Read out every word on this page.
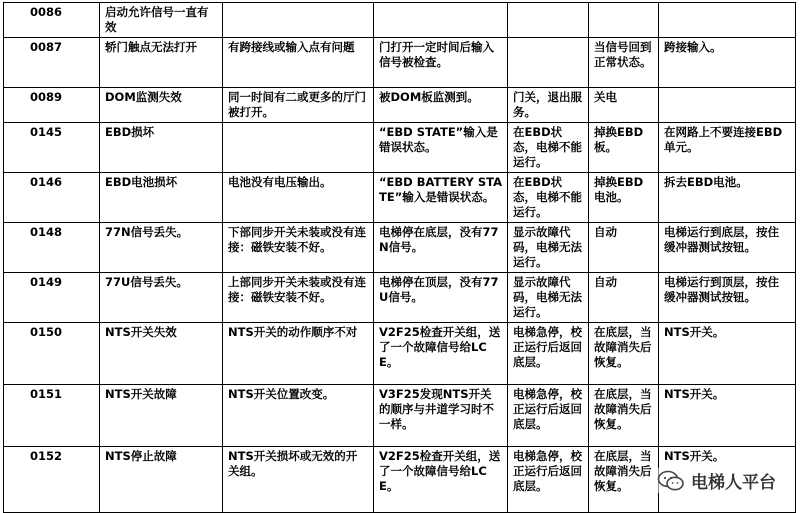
0086	启动允许信号一直有效					
0087	轿门触点无法打开	有跨接线或输入点有问题	门打开一定时间后输入信号被检查。		当信号回到正常状态。	跨接输入。
0089	DOM监测失效	同一时间有二或更多的厅门被打开。	被DOM板监测到。	门关，退出服务。	关电	
0145	EBD损坏		“EBD STATE”输入是错误状态。	在EBD状态，电梯不能运行。	掉换EBD板。	在网路上不要连接EBD单元。
0146	EBD电池损坏	电池没有电压输出。	“EBD BATTERY STATE”输入是错误状态。	在EBD状态，电梯不能运行。	掉换EBD电池。	拆去EBD电池。
0148	77N信号丢失。	下部同步开关未装或没有连接：磁铁安装不好。	电梯停在底层，没有77N信号。	显示故障代码，电梯无法运行。	自动	电梯运行到底层，按住缓冲器测试按钮。
0149	77U信号丢失。	上部同步开关未装或没有连接：磁铁安装不好。	电梯停在顶层，没有77U信号。	显示故障代码，电梯无法运行。	自动	电梯运行到顶层，按住缓冲器测试按钮。
0150	NTS开关失效	NTS开关的动作顺序不对	V2F25检查开关组，送了一个故障信号给LCE。	电梯急停，校正运行后返回底层。	在底层，当故障消失后恢复。	NTS开关。
0151	NTS开关故障	NTS开关位置改变。	V3F25发现NTS开关的顺序与井道学习时不一样。	电梯急停，校正运行后返回底层。	在底层，当故障消失后恢复。	NTS开关。
0152	NTS停止故障	NTS开关损坏或无效的开关组。	V2F25检查开关组，送了一个故障信号给LCE。	电梯急停，校正运行后返回底层。	在底层，当故障消失后恢复。	NTS开关。
电梯人平台
